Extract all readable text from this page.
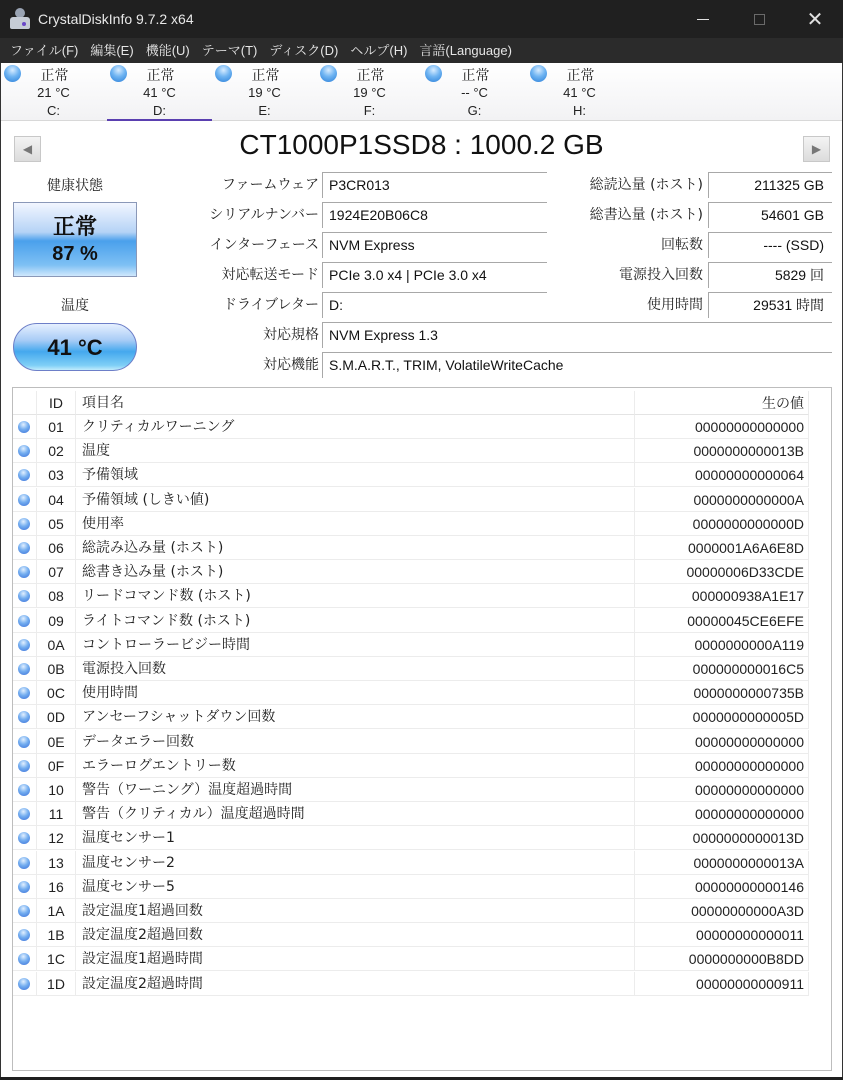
CrystalDiskInfo 9.7.2 x64	✕
ファイル(F) 編集(E) 機能(U) テーマ(T) ディスク(D) ヘルプ(H) 言語(Language)
正常
21 °C
C:
正常
41 °C
D:
正常
19 °C
E:
正常
19 °C
F:
正常
-- °C
G:
正常
41 °C
H:
CT1000P1SSD8 : 1000.2 GB
◀	▶
健康状態
正常
87 %
温度
41 °C
ファームウェア P3CR013
シリアルナンバー 1924E20B06C8
インターフェース NVM Express
対応転送モード PCIe 3.0 x4 | PCIe 3.0 x4
ドライブレター D:
総読込量 (ホスト)	211325 GB
総書込量 (ホスト)	54601 GB
回転数	---- (SSD)
電源投入回数	5829 回
使用時間	29531 時間
対応規格 NVM Express 1.3
対応機能 S.M.A.R.T., TRIM, VolatileWriteCache
ID	項目名	生の値
01	クリティカルワーニング	00000000000000
02	温度	0000000000013B
03	予備領域	00000000000064
04	予備領域 (しきい値)	0000000000000A
05	使用率	0000000000000D
06	総読み込み量 (ホスト)	0000001A6A6E8D
07	総書き込み量 (ホスト)	00000006D33CDE
08	リードコマンド数 (ホスト)	000000938A1E17
09	ライトコマンド数 (ホスト)	00000045CE6EFE
0A	コントローラービジー時間	0000000000A119
0B	電源投入回数	000000000016C5
0C	使用時間	0000000000735B
0D	アンセーフシャットダウン回数	0000000000005D
0E	データエラー回数	00000000000000
0F	エラーログエントリー数	00000000000000
10	警告（ワーニング）温度超過時間	00000000000000
11	警告（クリティカル）温度超過時間	00000000000000
12	温度センサー1	0000000000013D
13	温度センサー2	0000000000013A
16	温度センサー5	00000000000146
1A	設定温度1超過回数	00000000000A3D
1B	設定温度2超過回数	00000000000011
1C	設定温度1超過時間	0000000000B8DD
1D	設定温度2超過時間	00000000000911
